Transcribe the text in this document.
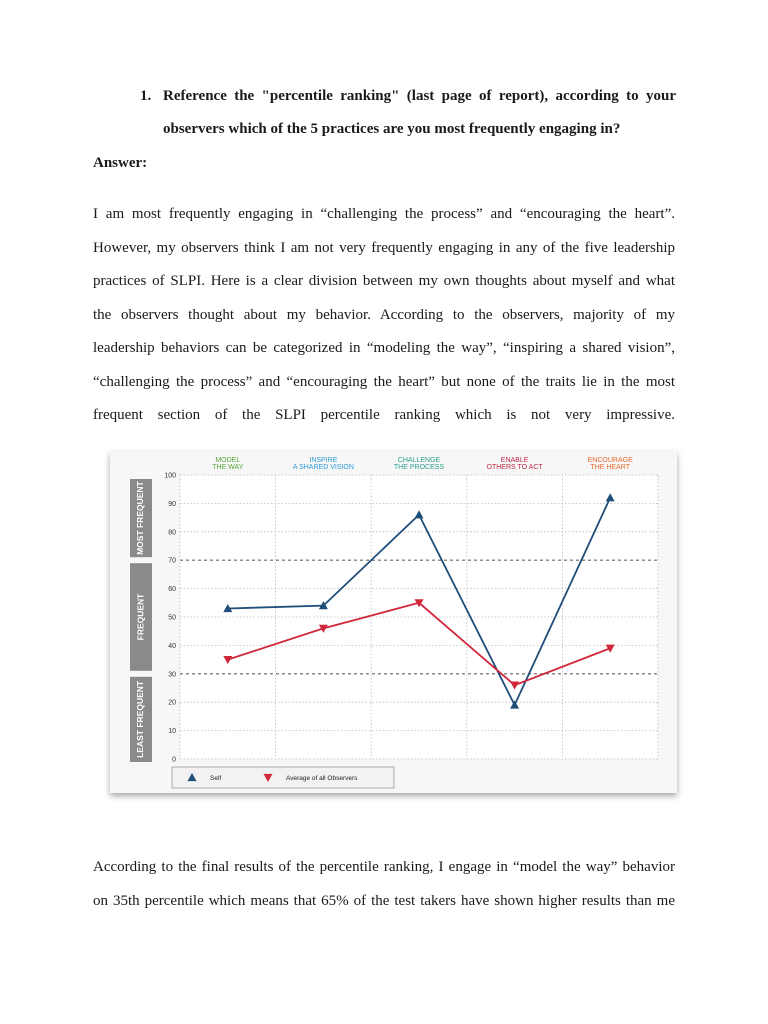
1. Reference the "percentile ranking" (last page of report), according to your
observers which of the 5 practices are you most frequently engaging in?
Answer:
I am most frequently engaging in “challenging the process” and “encouraging the heart”.
However, my observers think I am not very frequently engaging in any of the five leadership
practices of SLPI. Here is a clear division between my own thoughts about myself and what
the observers thought about my behavior. According to the observers, majority of my
leadership behaviors can be categorized in “modeling the way”, “inspiring a shared vision”,
“challenging the process” and “encouraging the heart” but none of the traits lie in the most
frequent section of the SLPI percentile ranking which is not very impressive.
0
10
20
30
40
50
60
70
80
90
100
MODEL
THE WAY
INSPIRE
A SHARED VISION
CHALLENGE
THE PROCESS
ENABLE
OTHERS TO ACT
ENCOURAGE
THE HEART
MOST FREQUENT
FREQUENT
LEAST FREQUENT
Self	Average of all Observers
According to the final results of the percentile ranking, I engage in “model the way” behavior
on 35th percentile which means that 65% of the test takers have shown higher results than me
